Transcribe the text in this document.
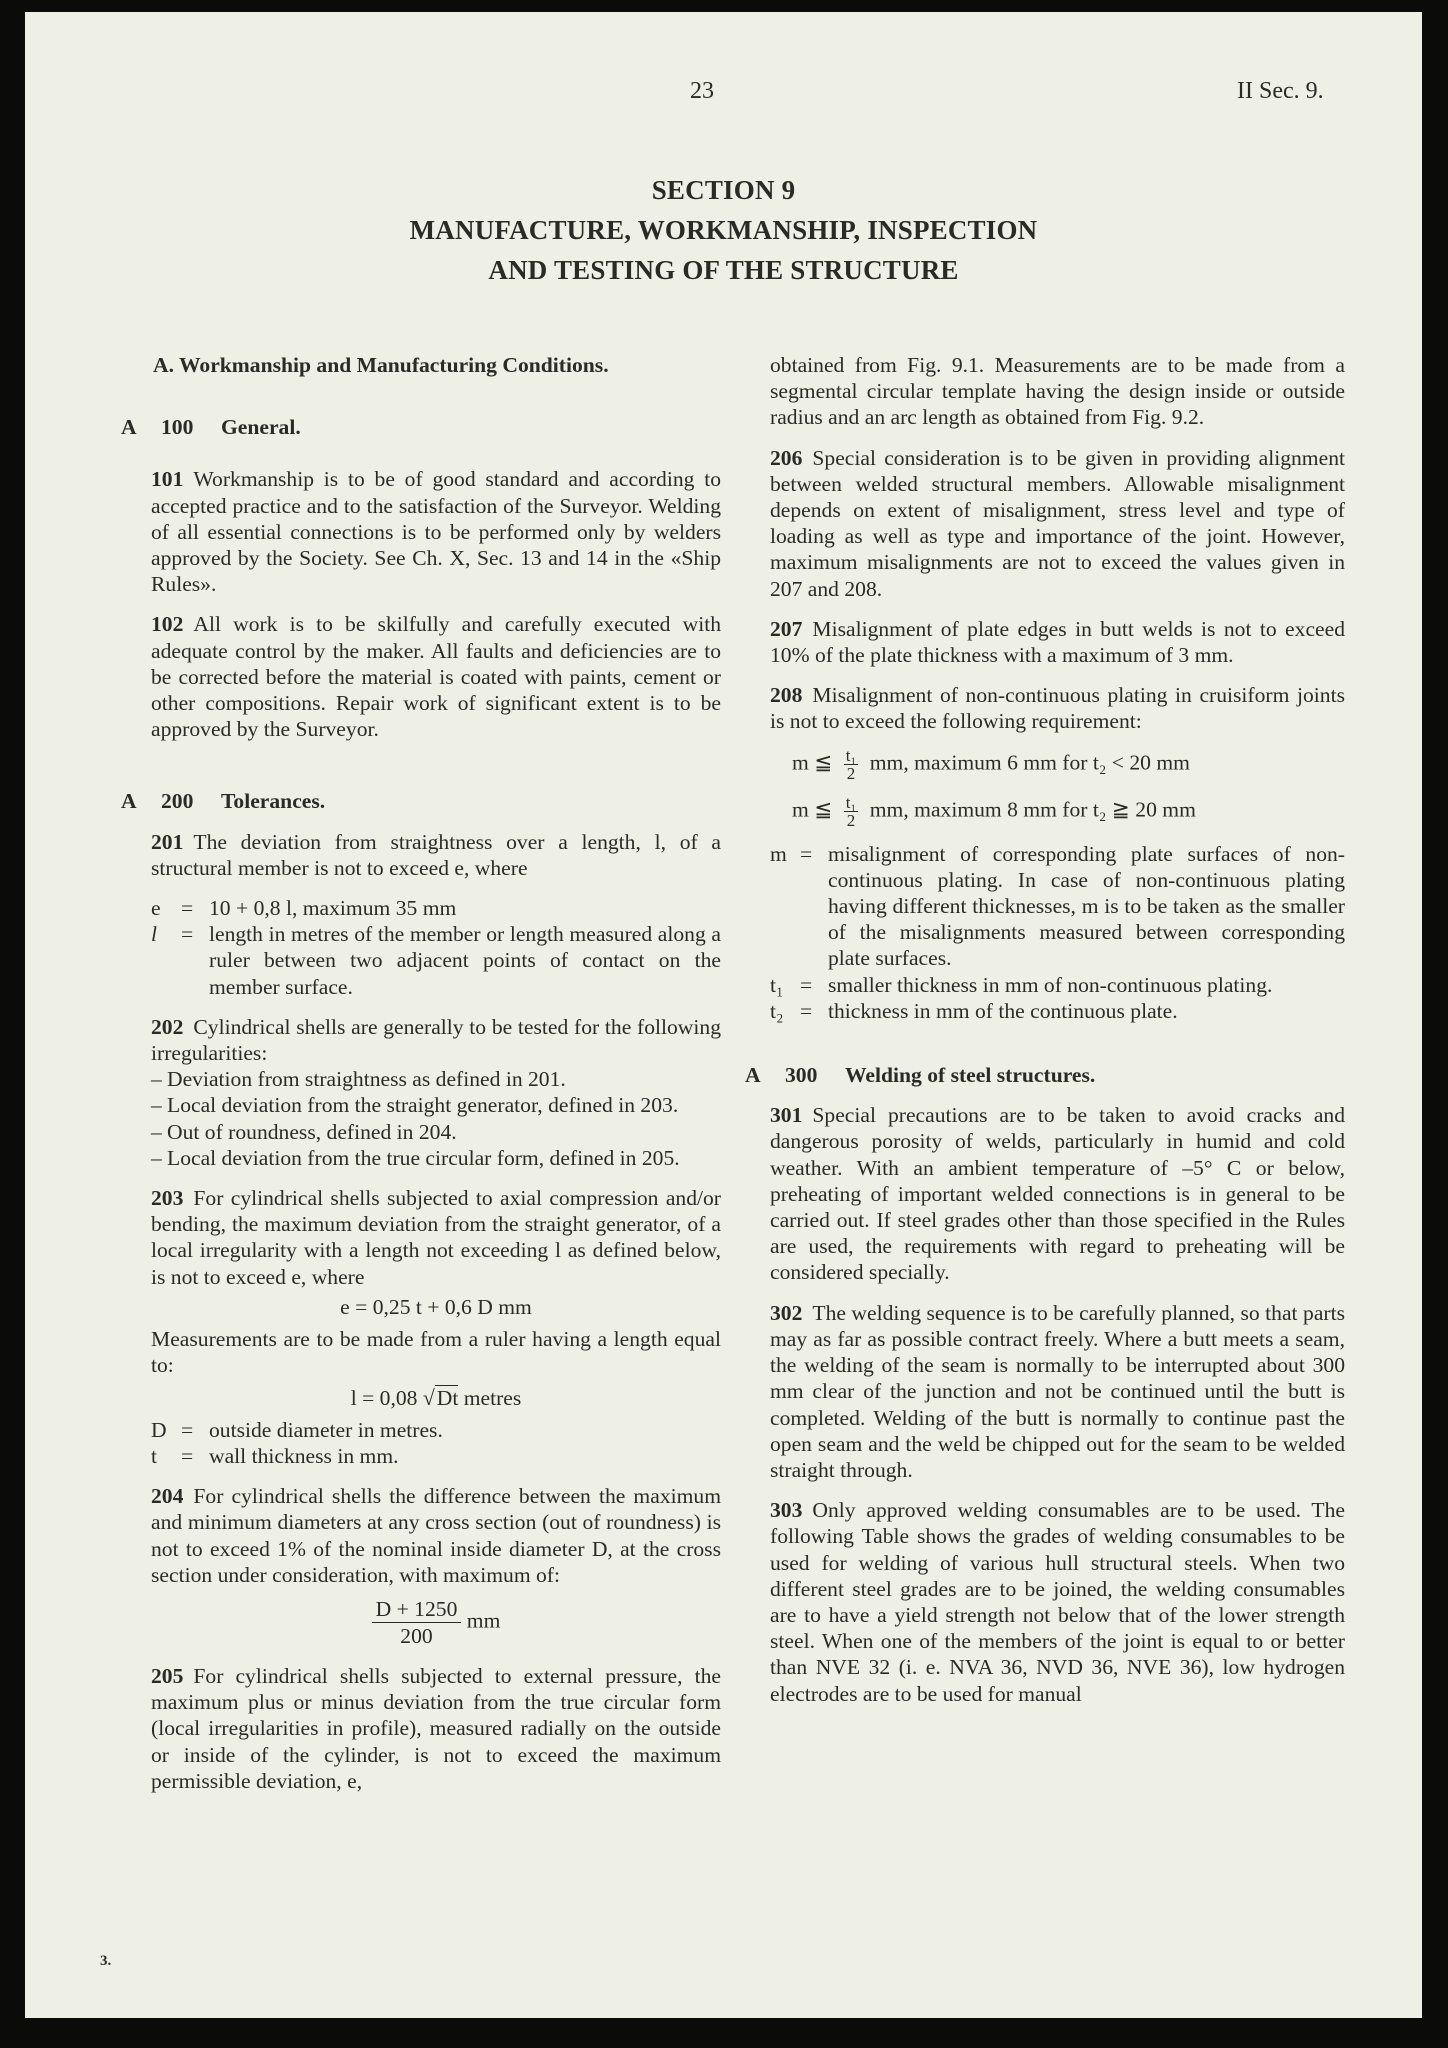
23	II Sec. 9.
SECTION 9
MANUFACTURE, WORKMANSHIP, INSPECTION
AND TESTING OF THE STRUCTURE
A. Workmanship and Manufacturing Conditions.
A	100	General.

101 Workmanship is to be of good standard and according to accepted practice and to the satisfaction of the Surveyor. Welding of all essential connections is to be performed only by welders approved by the Society. See Ch. X, Sec. 13 and 14 in the «Ship Rules».

102 All work is to be skilfully and carefully executed with adequate control by the maker. All faults and deficiencies are to be corrected before the material is coated with paints, cement or other compositions. Repair work of significant extent is to be approved by the Surveyor.

A	200	Tolerances.

201 The deviation from straightness over a length, l, of a structural member is not to exceed e, where

e = 10 + 0,8 l, maximum 35 mm
l	= length in metres of the member or length measured along a ruler between two adjacent points of contact on the member surface.

202 Cylindrical shells are generally to be tested for the following irregularities:

– Deviation from straightness as defined in 201.
– Local deviation from the straight generator, defined in 203.
– Out of roundness, defined in 204.
– Local deviation from the true circular form, defined in 205.

203 For cylindrical shells subjected to axial compression and/or bending, the maximum deviation from the straight generator, of a local irregularity with a length not exceeding l as defined below, is not to exceed e, where

e = 0,25 t + 0,6 D mm

Measurements are to be made from a ruler having a length equal to:

l = 0,08 √Dt metres
D = outside diameter in metres.
t	= wall thickness in mm.

204 For cylindrical shells the difference between the maximum and minimum diameters at any cross section (out of roundness) is not to exceed 1% of the nominal inside diameter D, at the cross section under consideration, with maximum of:

$\frac{D + 1250}{200}$ mm

205 For cylindrical shells subjected to external pressure, the maximum plus or minus deviation from the true circular form (local irregularities in profile), measured radially on the outside or inside of the cylinder, is not to exceed the maximum permissible deviation, e,

obtained from Fig. 9.1. Measurements are to be made from a segmental circular template having the design inside or outside radius and an arc length as obtained from Fig. 9.2.

206 Special consideration is to be given in providing alignment between welded structural members. Allowable misalignment depends on extent of misalignment, stress level and type of loading as well as type and importance of the joint. However, maximum misalignments are not to exceed the values given in 207 and 208.

207 Misalignment of plate edges in butt welds is not to exceed 10% of the plate thickness with a maximum of 3 mm.

208 Misalignment of non-continuous plating in cruisiform joints is not to exceed the following requirement:

m ≦ $\frac{\text{t₁}}{2}$ mm, maximum 6 mm for t₂ < 20 mm
m ≦ $\frac{\text{t₁}}{2}$ mm, maximum 8 mm for t₂ ≧ 20 mm
m = misalignment of corresponding plate surfaces of non-continuous plating. In case of non-continuous plating having different thicknesses, m is to be taken as the smaller of the misalignments measured between corresponding plate surfaces.
t₁ = smaller thickness in mm of non-continuous plating.
t₂ = thickness in mm of the continuous plate.
A	300	Welding of steel structures.

301 Special precautions are to be taken to avoid cracks and dangerous porosity of welds, particularly in humid and cold weather. With an ambient temperature of –5° C or below, preheating of important welded connections is in general to be carried out. If steel grades other than those specified in the Rules are used, the requirements with regard to preheating will be considered specially.

302 The welding sequence is to be carefully planned, so that parts may as far as possible contract freely. Where a butt meets a seam, the welding of the seam is normally to be interrupted about 300 mm clear of the junction and not be continued until the butt is completed. Welding of the butt is normally to continue past the open seam and the weld be chipped out for the seam to be welded straight through.

303 Only approved welding consumables are to be used. The following Table shows the grades of welding consumables to be used for welding of various hull structural steels. When two different steel grades are to be joined, the welding consumables are to have a yield strength not below that of the lower strength steel. When one of the members of the joint is equal to or better than NVE 32 (i. e. NVA 36, NVD 36, NVE 36), low hydrogen electrodes are to be used for manual

3.
